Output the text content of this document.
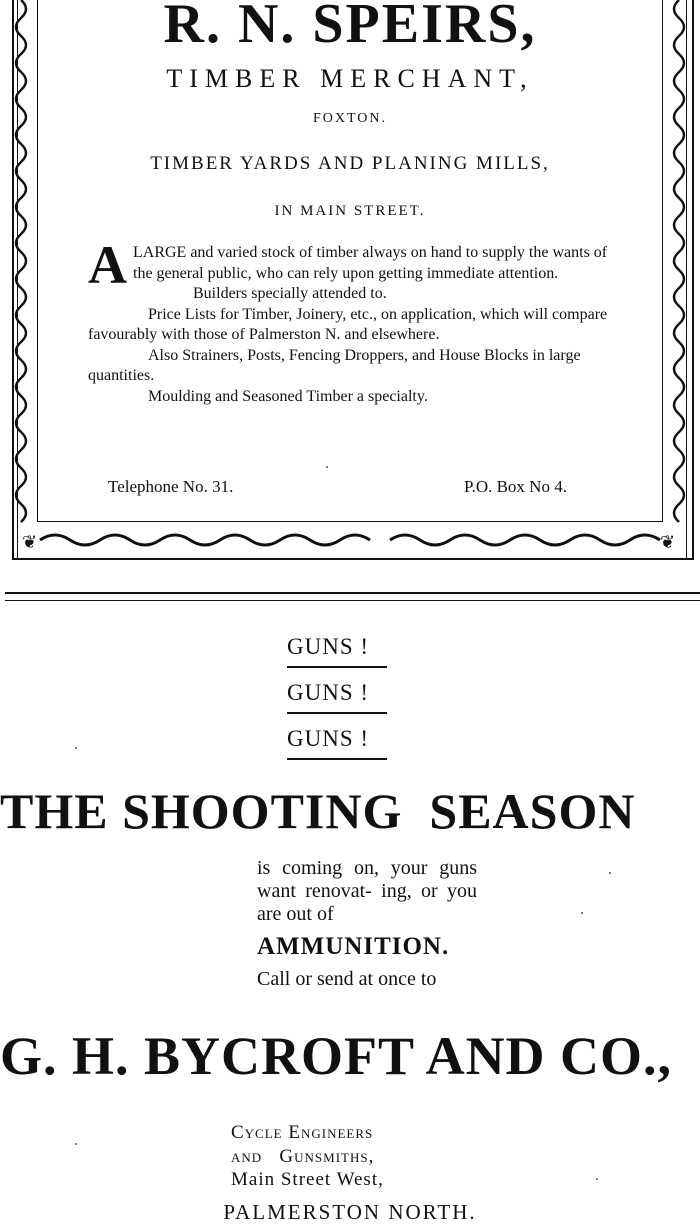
❦	❦
R. N. SPEIRS,
TIMBER MERCHANT,
FOXTON.
TIMBER YARDS AND PLANING MILLS,
IN MAIN STREET.
A LARGE and varied stock of timber always on hand to supply the wants of the general public, who can rely upon getting immediate attention.

Builders specially attended to.

Price Lists for Timber, Joinery, etc., on application, which will compare favourably with those of Palmerston N. and elsewhere.

Also Strainers, Posts, Fencing Droppers, and House Blocks in large quantities.

Moulding and Seasoned Timber a specialty.

Telephone No. 31.	P.O. Box No 4.
GUNS !
GUNS !
GUNS !
THE SHOOTING  SEASON
is coming on, your guns want renovat- ing, or you are out of
AMMUNITION.
Call or send at once to
G. H. BYCROFT AND CO.,
Cycle Engineers
and   Gunsmiths,
Main Street West,
PALMERSTON NORTH.
